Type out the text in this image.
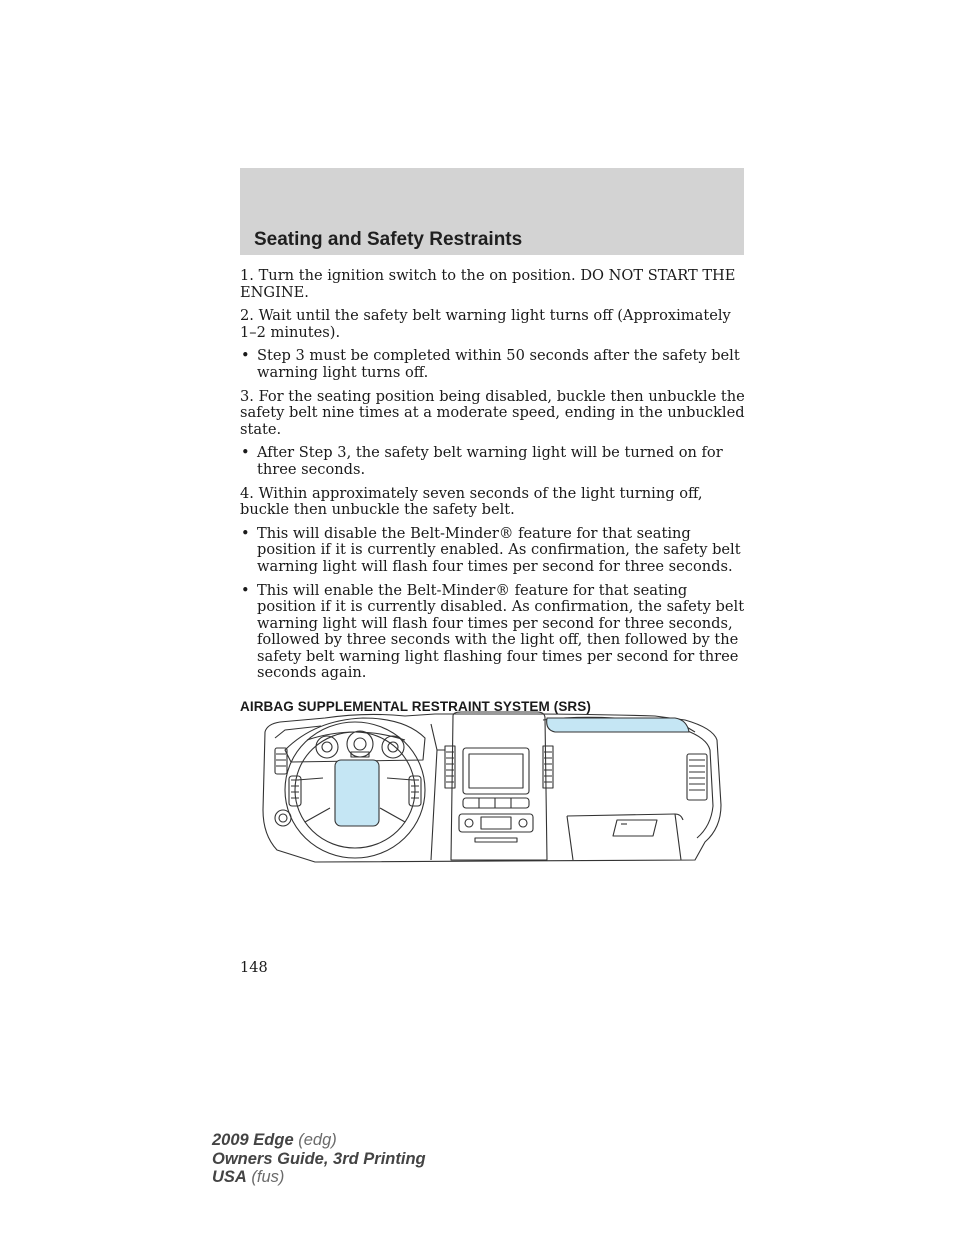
Seating and Safety Restraints

1. Turn the ignition switch to the on position. DO NOT START THE ENGINE.

2. Wait until the safety belt warning light turns off (Approximately 1–2 minutes).

• Step 3 must be completed within 50 seconds after the safety belt warning light turns off.

3. For the seating position being disabled, buckle then unbuckle the safety belt nine times at a moderate speed, ending in the unbuckled state.

• After Step 3, the safety belt warning light will be turned on for three seconds.

4. Within approximately seven seconds of the light turning off, buckle then unbuckle the safety belt.

• This will disable the Belt-Minder® feature for that seating position if it is currently enabled. As confirmation, the safety belt warning light will flash four times per second for three seconds.
• This will enable the Belt-Minder® feature for that seating position if it is currently disabled. As confirmation, the safety belt warning light will flash four times per second for three seconds, followed by three seconds with the light off, then followed by the safety belt warning light flashing four times per second for three seconds again.
AIRBAG SUPPLEMENTAL RESTRAINT SYSTEM (SRS)
148
2009 Edge (edg)
Owners Guide, 3rd Printing
USA (fus)
